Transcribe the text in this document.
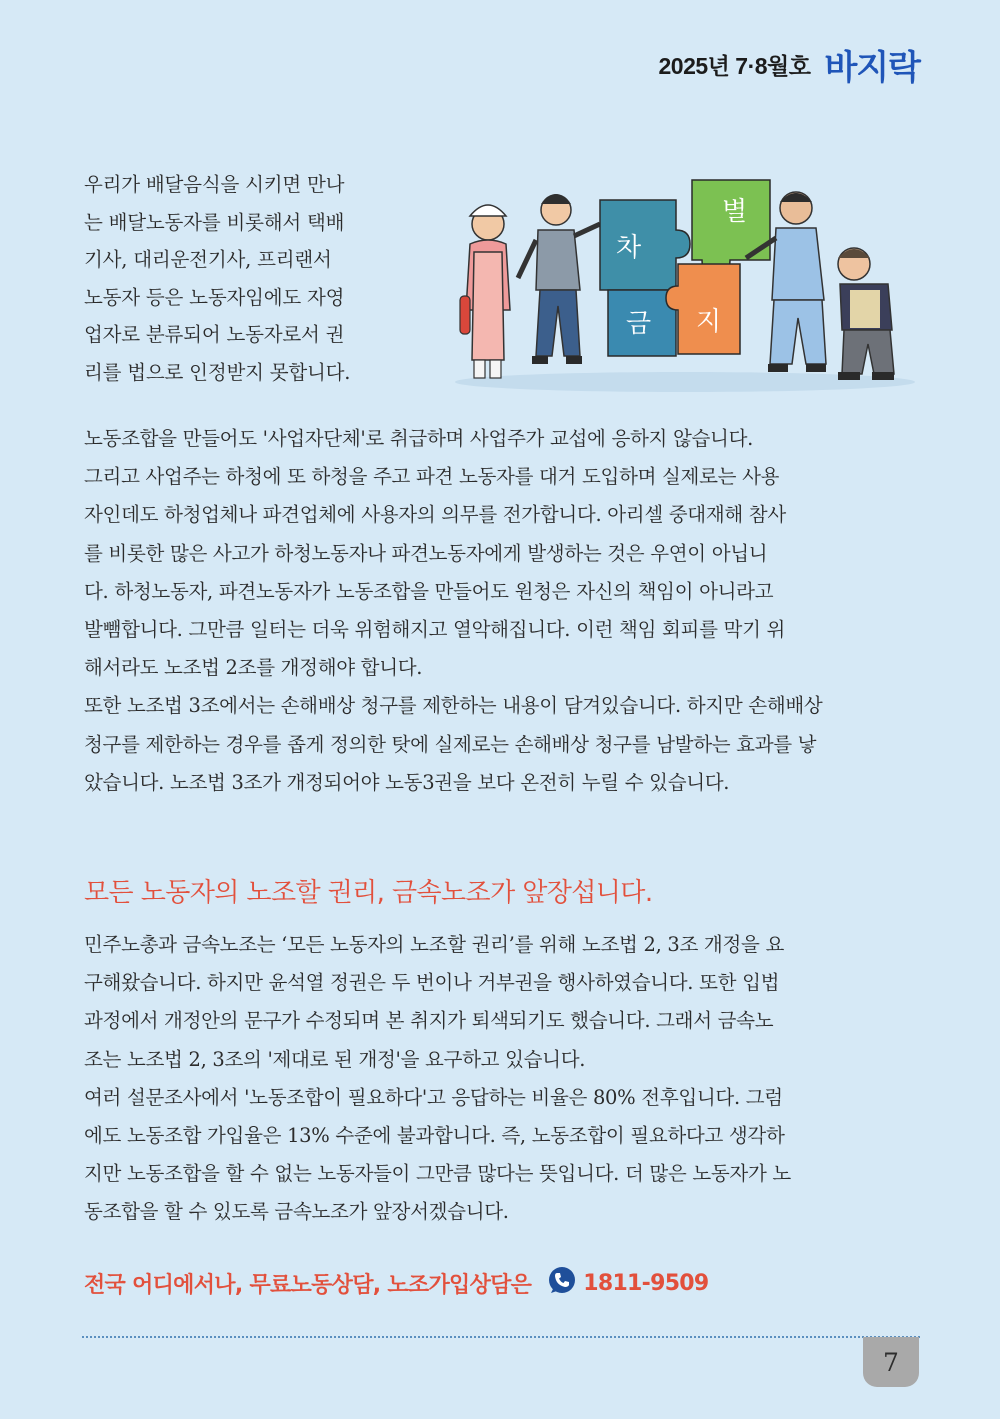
2025년 7·8월호 바지락

우리가 배달음식을 시키면 만나

는 배달노동자를 비롯해서 택배

기사, 대리운전기사, 프리랜서

노동자 등은 노동자임에도 자영

업자로 분류되어 노동자로서 권

리를 법으로 인정받지 못합니다.

차
별
금 지

노동조합을 만들어도 '사업자단체'로 취급하며 사업주가 교섭에 응하지 않습니다.

그리고 사업주는 하청에 또 하청을 주고 파견 노동자를 대거 도입하며 실제로는 사용

자인데도 하청업체나 파견업체에 사용자의 의무를 전가합니다. 아리셀 중대재해 참사

를 비롯한 많은 사고가 하청노동자나 파견노동자에게 발생하는 것은 우연이 아닙니

다. 하청노동자, 파견노동자가 노동조합을 만들어도 원청은 자신의 책임이 아니라고

발뺌합니다. 그만큼 일터는 더욱 위험해지고 열악해집니다. 이런 책임 회피를 막기 위

해서라도 노조법 2조를 개정해야 합니다.

또한 노조법 3조에서는 손해배상 청구를 제한하는 내용이 담겨있습니다. 하지만 손해배상

청구를 제한하는 경우를 좁게 정의한 탓에 실제로는 손해배상 청구를 남발하는 효과를 낳

았습니다. 노조법 3조가 개정되어야 노동3권을 보다 온전히 누릴 수 있습니다.

모든 노동자의 노조할 권리, 금속노조가 앞장섭니다.

민주노총과 금속노조는 ‘모든 노동자의 노조할 권리’를 위해 노조법 2, 3조 개정을 요

구해왔습니다. 하지만 윤석열 정권은 두 번이나 거부권을 행사하였습니다. 또한 입법

과정에서 개정안의 문구가 수정되며 본 취지가 퇴색되기도 했습니다. 그래서 금속노

조는 노조법 2, 3조의 '제대로 된 개정'을 요구하고 있습니다.

여러 설문조사에서 '노동조합이 필요하다'고 응답하는 비율은 80% 전후입니다. 그럼

에도 노동조합 가입율은 13% 수준에 불과합니다. 즉, 노동조합이 필요하다고 생각하

지만 노동조합을 할 수 없는 노동자들이 그만큼 많다는 뜻입니다. 더 많은 노동자가 노

동조합을 할 수 있도록 금속노조가 앞장서겠습니다.

전국 어디에서나, 무료노동상담, 노조가입상담은 1811-9509
7
